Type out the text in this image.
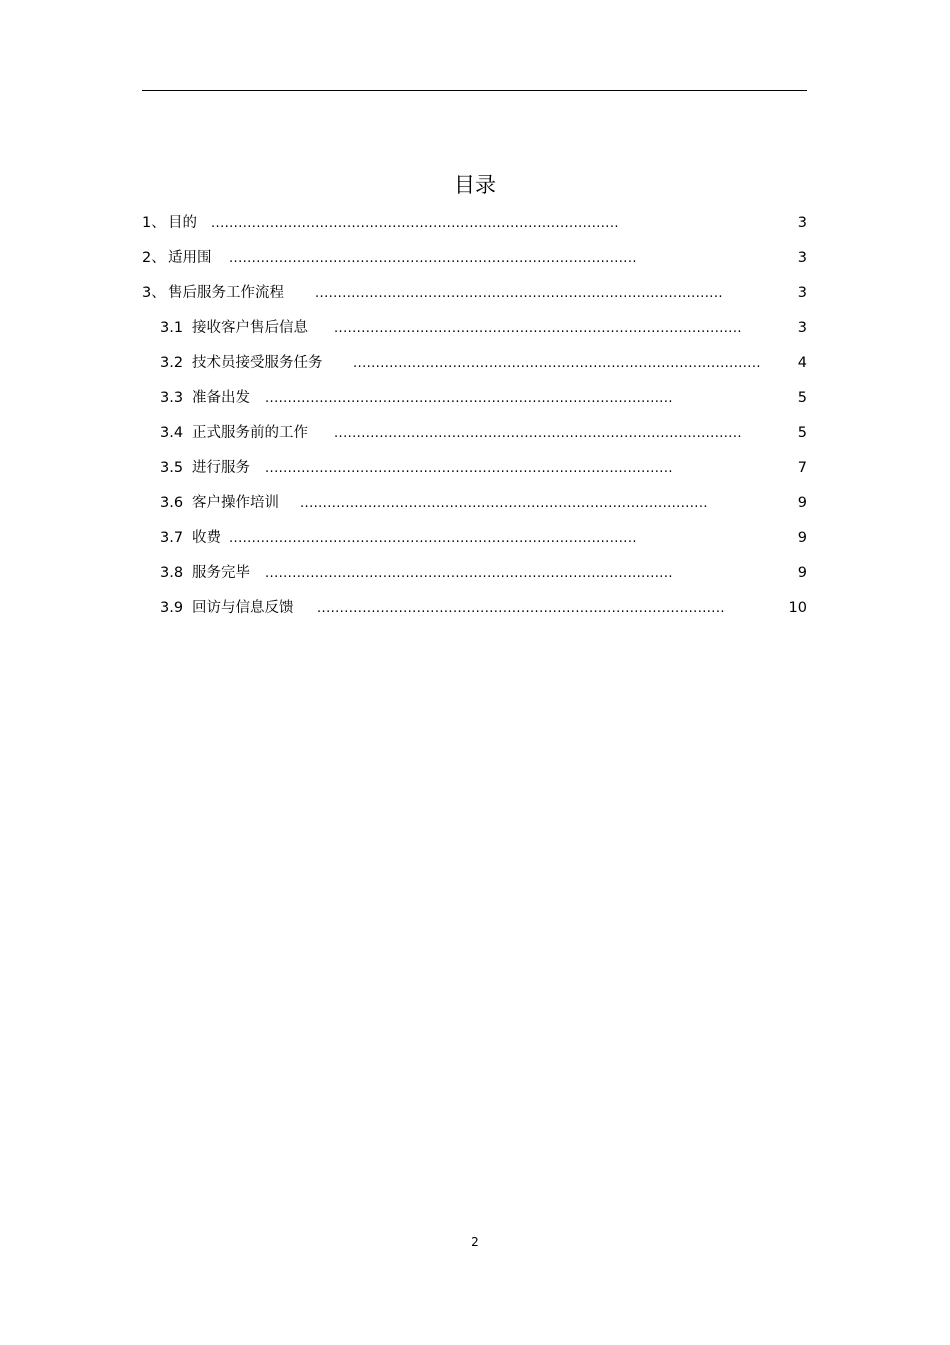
目录
1、 目的 ..........................................................................................	3
2、 适用围 ..........................................................................................	3
3、 售后服务工作流程 ..........................................................................................	3
3.1 接收客户售后信息 ..........................................................................................	3
3.2 技术员接受服务任务 ..........................................................................................	4
3.3 准备出发 ..........................................................................................	5
3.4 正式服务前的工作 ..........................................................................................	5
3.5 进行服务 ..........................................................................................	7
3.6 客户操作培训 ..........................................................................................	9
3.7 收费 ..........................................................................................	9
3.8 服务完毕 ..........................................................................................	9
3.9 回访与信息反馈 ..........................................................................................	10
2
